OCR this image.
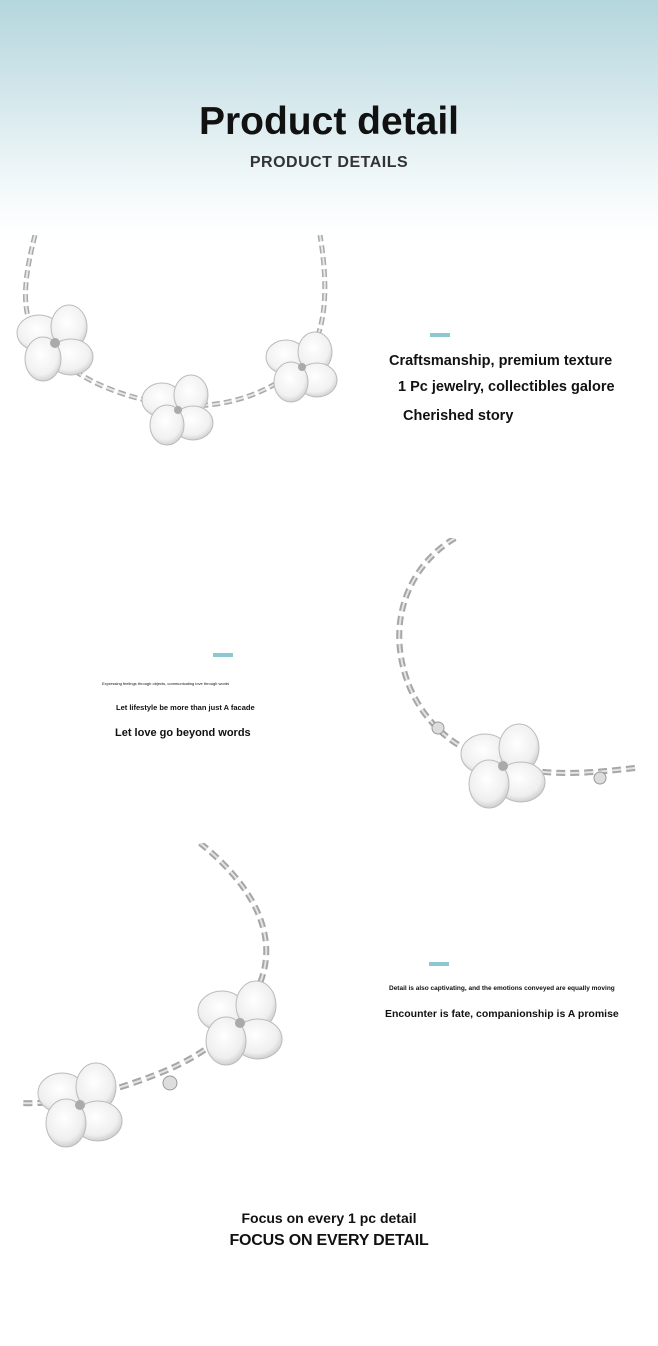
Product detail
PRODUCT DETAILS
Craftsmanship, premium texture
1 Pc jewelry, collectibles galore
Cherished story
Expressing feelings through objects, communicating love through words
Let lifestyle be more than just A facade
Let love go beyond words
Detail is also captivating, and the emotions conveyed are equally moving
Encounter is fate, companionship is A promise
Focus on every 1 pc detail
FOCUS ON EVERY DETAIL
